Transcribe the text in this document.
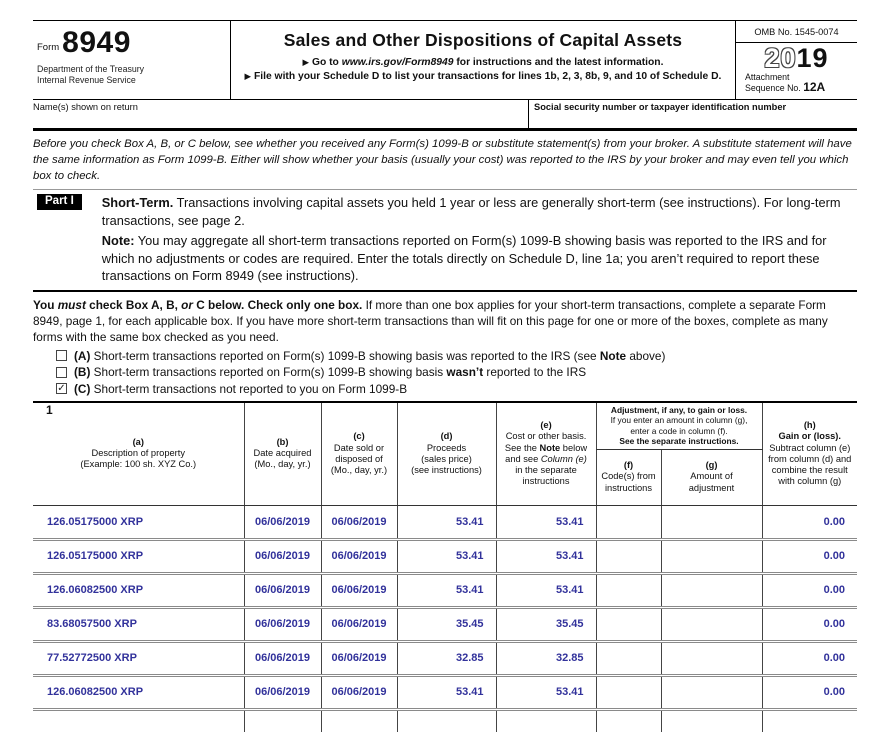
Form 8949
Department of the Treasury
Internal Revenue Service
Sales and Other Dispositions of Capital Assets
▶ Go to www.irs.gov/Form8949 for instructions and the latest information.
▶ File with your Schedule D to list your transactions for lines 1b, 2, 3, 8b, 9, and 10 of Schedule D.
OMB No. 1545-0074
2019
Attachment
Sequence No. 12A
Name(s) shown on return	Social security number or taxpayer identification number
Before you check Box A, B, or C below, see whether you received any Form(s) 1099-B or substitute statement(s) from your broker. A substitute statement will have the same information as Form 1099-B. Either will show whether your basis (usually your cost) was reported to the IRS by your broker and may even tell you which box to check.
Part I	Short-Term. Transactions involving capital assets you held 1 year or less are generally short-term (see instructions). For long-term transactions, see page 2.
Note: You may aggregate all short-term transactions reported on Form(s) 1099-B showing basis was reported to the IRS and for which no adjustments or codes are required. Enter the totals directly on Schedule D, line 1a; you aren’t required to report these transactions on Form 8949 (see instructions).
You must check Box A, B, or C below. Check only one box. If more than one box applies for your short-term transactions, complete a separate Form 8949, page 1, for each applicable box. If you have more short-term transactions than will fit on this page for one or more of the boxes, complete as many forms with the same box checked as you need.
(A) Short-term transactions reported on Form(s) 1099-B showing basis was reported to the IRS (see Note above)
(B) Short-term transactions reported on Form(s) 1099-B showing basis wasn’t reported to the IRS
✓ (C) Short-term transactions not reported to you on Form 1099-B
1
(a)
Description of property
(Example: 100 sh. XYZ Co.)

(b)
Date acquired
(Mo., day, yr.)

(c)
Date sold or
disposed of
(Mo., day, yr.)

(d)
Proceeds
(sales price)
(see instructions)

(e)
Cost or other basis.
See the Note below
and see Column (e)
in the separate
instructions

Adjustment, if any, to gain or loss.
If you enter an amount in column (g),
enter a code in column (f).
See the separate instructions.

(h)
Gain or (loss).
Subtract column (e)
from column (d) and
combine the result
with column (g)

(f)
Code(s) from
instructions

(g)
Amount of
adjustment

126.05175000 XRP	06/06/2019	06/06/2019	53.41	53.41			0.00
126.05175000 XRP	06/06/2019	06/06/2019	53.41	53.41			0.00
126.06082500 XRP	06/06/2019	06/06/2019	53.41	53.41			0.00
83.68057500 XRP	06/06/2019	06/06/2019	35.45	35.45			0.00
77.52772500 XRP	06/06/2019	06/06/2019	32.85	32.85			0.00
126.06082500 XRP	06/06/2019	06/06/2019	53.41	53.41			0.00
